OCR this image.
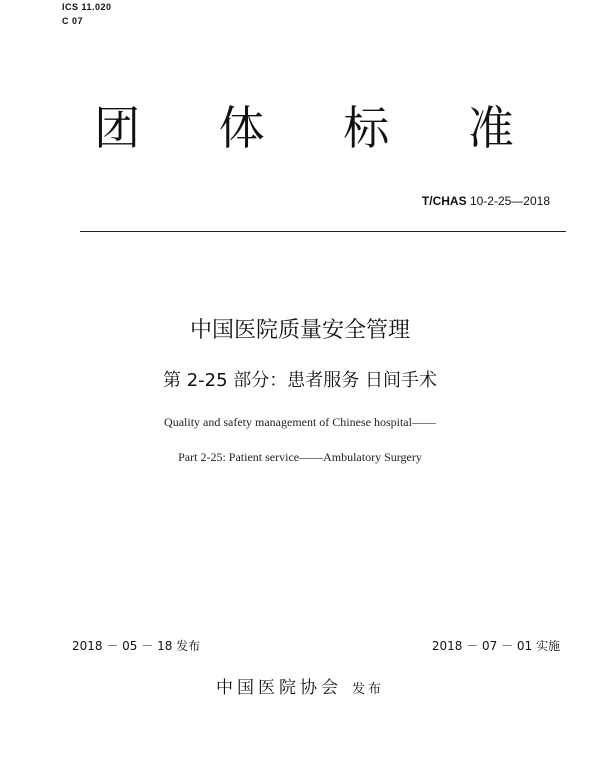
ICS 11.020
C 07
团 体 标 准
T/CHAS 10-2-25—2018
中国医院质量安全管理
第 2-25 部分：患者服务 日间手术
Quality and safety management of Chinese hospital——
Part 2-25: Patient service——Ambulatory Surgery
2018 － 05 － 18 发布	2018 － 07 － 01 实施
中国医院协会 发布
